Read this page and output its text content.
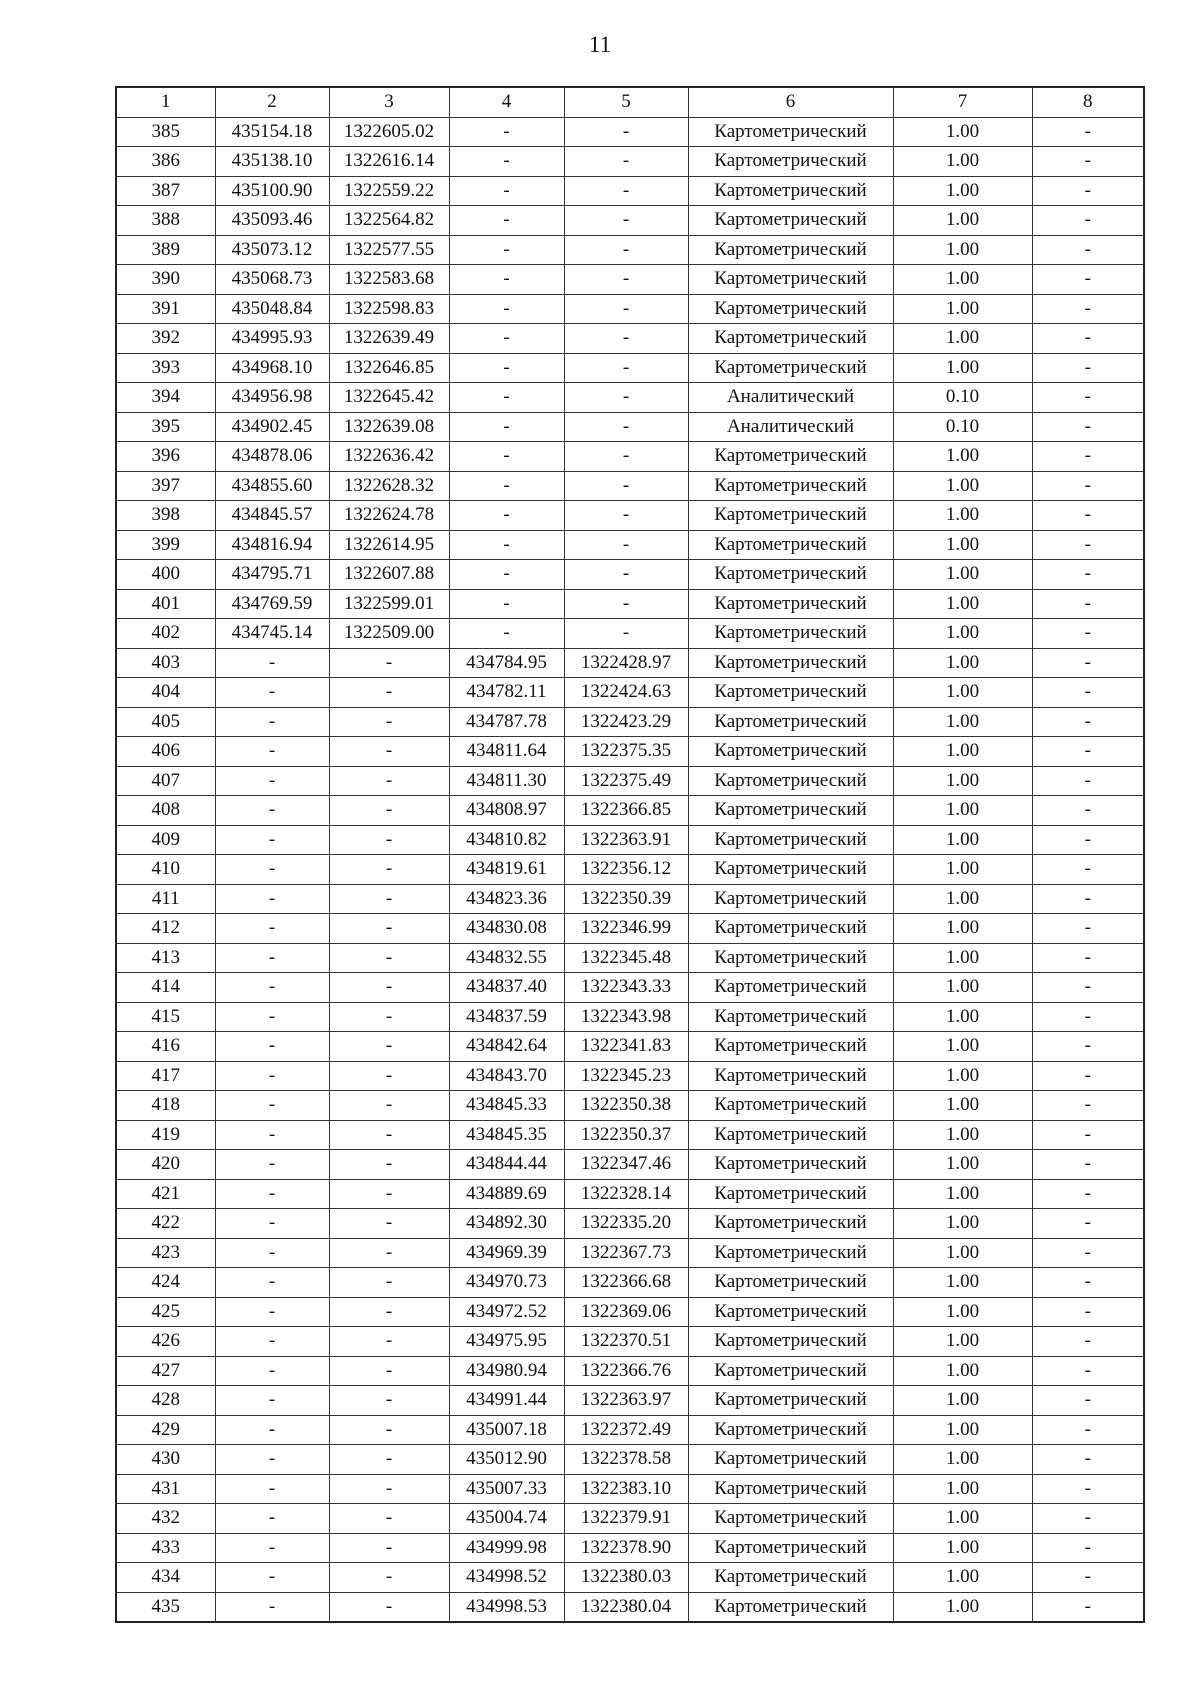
11
1	2	3	4	5	6	7	8
385	435154.18	1322605.02	-	-	Картометрический	1.00	-
386	435138.10	1322616.14	-	-	Картометрический	1.00	-
387	435100.90	1322559.22	-	-	Картометрический	1.00	-
388	435093.46	1322564.82	-	-	Картометрический	1.00	-
389	435073.12	1322577.55	-	-	Картометрический	1.00	-
390	435068.73	1322583.68	-	-	Картометрический	1.00	-
391	435048.84	1322598.83	-	-	Картометрический	1.00	-
392	434995.93	1322639.49	-	-	Картометрический	1.00	-
393	434968.10	1322646.85	-	-	Картометрический	1.00	-
394	434956.98	1322645.42	-	-	Аналитический	0.10	-
395	434902.45	1322639.08	-	-	Аналитический	0.10	-
396	434878.06	1322636.42	-	-	Картометрический	1.00	-
397	434855.60	1322628.32	-	-	Картометрический	1.00	-
398	434845.57	1322624.78	-	-	Картометрический	1.00	-
399	434816.94	1322614.95	-	-	Картометрический	1.00	-
400	434795.71	1322607.88	-	-	Картометрический	1.00	-
401	434769.59	1322599.01	-	-	Картометрический	1.00	-
402	434745.14	1322509.00	-	-	Картометрический	1.00	-
403	-	-	434784.95	1322428.97	Картометрический	1.00	-
404	-	-	434782.11	1322424.63	Картометрический	1.00	-
405	-	-	434787.78	1322423.29	Картометрический	1.00	-
406	-	-	434811.64	1322375.35	Картометрический	1.00	-
407	-	-	434811.30	1322375.49	Картометрический	1.00	-
408	-	-	434808.97	1322366.85	Картометрический	1.00	-
409	-	-	434810.82	1322363.91	Картометрический	1.00	-
410	-	-	434819.61	1322356.12	Картометрический	1.00	-
411	-	-	434823.36	1322350.39	Картометрический	1.00	-
412	-	-	434830.08	1322346.99	Картометрический	1.00	-
413	-	-	434832.55	1322345.48	Картометрический	1.00	-
414	-	-	434837.40	1322343.33	Картометрический	1.00	-
415	-	-	434837.59	1322343.98	Картометрический	1.00	-
416	-	-	434842.64	1322341.83	Картометрический	1.00	-
417	-	-	434843.70	1322345.23	Картометрический	1.00	-
418	-	-	434845.33	1322350.38	Картометрический	1.00	-
419	-	-	434845.35	1322350.37	Картометрический	1.00	-
420	-	-	434844.44	1322347.46	Картометрический	1.00	-
421	-	-	434889.69	1322328.14	Картометрический	1.00	-
422	-	-	434892.30	1322335.20	Картометрический	1.00	-
423	-	-	434969.39	1322367.73	Картометрический	1.00	-
424	-	-	434970.73	1322366.68	Картометрический	1.00	-
425	-	-	434972.52	1322369.06	Картометрический	1.00	-
426	-	-	434975.95	1322370.51	Картометрический	1.00	-
427	-	-	434980.94	1322366.76	Картометрический	1.00	-
428	-	-	434991.44	1322363.97	Картометрический	1.00	-
429	-	-	435007.18	1322372.49	Картометрический	1.00	-
430	-	-	435012.90	1322378.58	Картометрический	1.00	-
431	-	-	435007.33	1322383.10	Картометрический	1.00	-
432	-	-	435004.74	1322379.91	Картометрический	1.00	-
433	-	-	434999.98	1322378.90	Картометрический	1.00	-
434	-	-	434998.52	1322380.03	Картометрический	1.00	-
435	-	-	434998.53	1322380.04	Картометрический	1.00	-
